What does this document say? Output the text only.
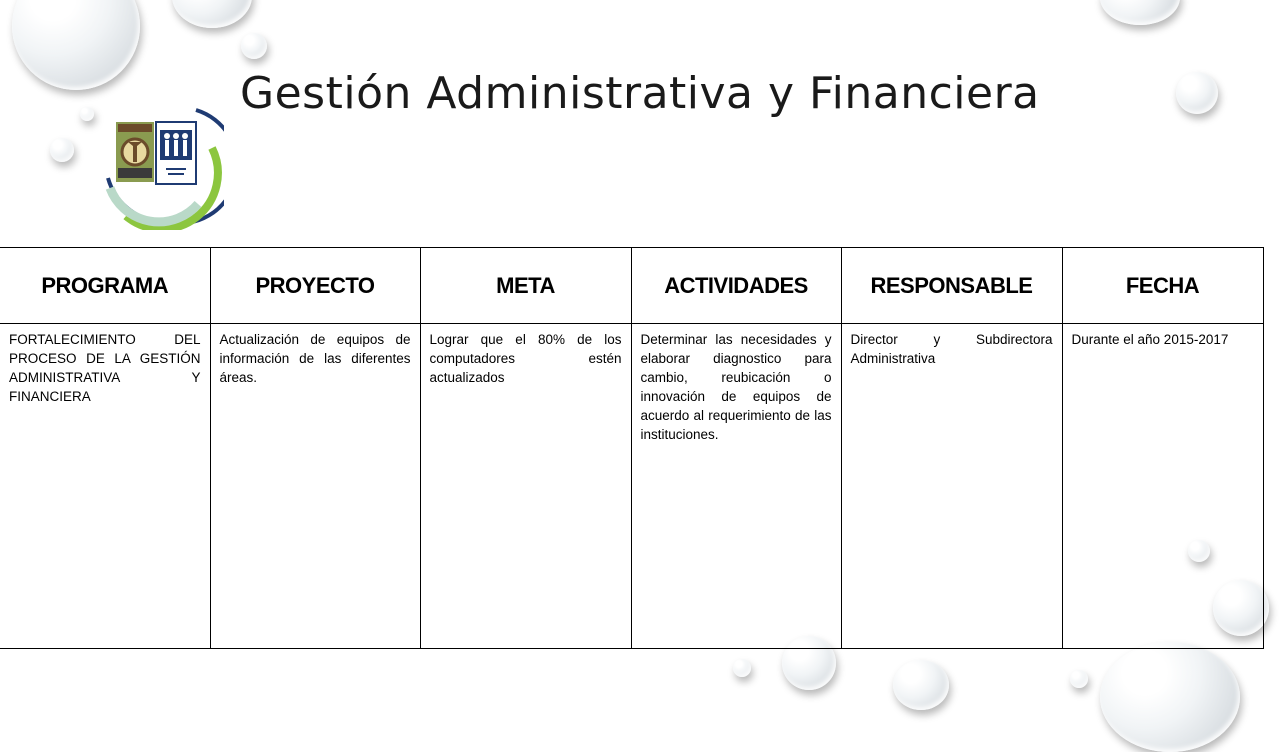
Gestión Administrativa y Financiera
PROGRAMA	PROYECTO	META	ACTIVIDADES	RESPONSABLE	FECHA
FORTALECIMIENTO DEL PROCESO DE LA GESTIÓN ADMINISTRATIVA Y FINANCIERA	Actualización de equipos de información de las diferentes áreas.	Lograr que el 80% de los computadores estén actualizados	Determinar las necesidades y elaborar diagnostico para cambio, reubicación o innovación de equipos de acuerdo al requerimiento de las instituciones.	Director y Subdirectora Administrativa	Durante el año 2015-2017
